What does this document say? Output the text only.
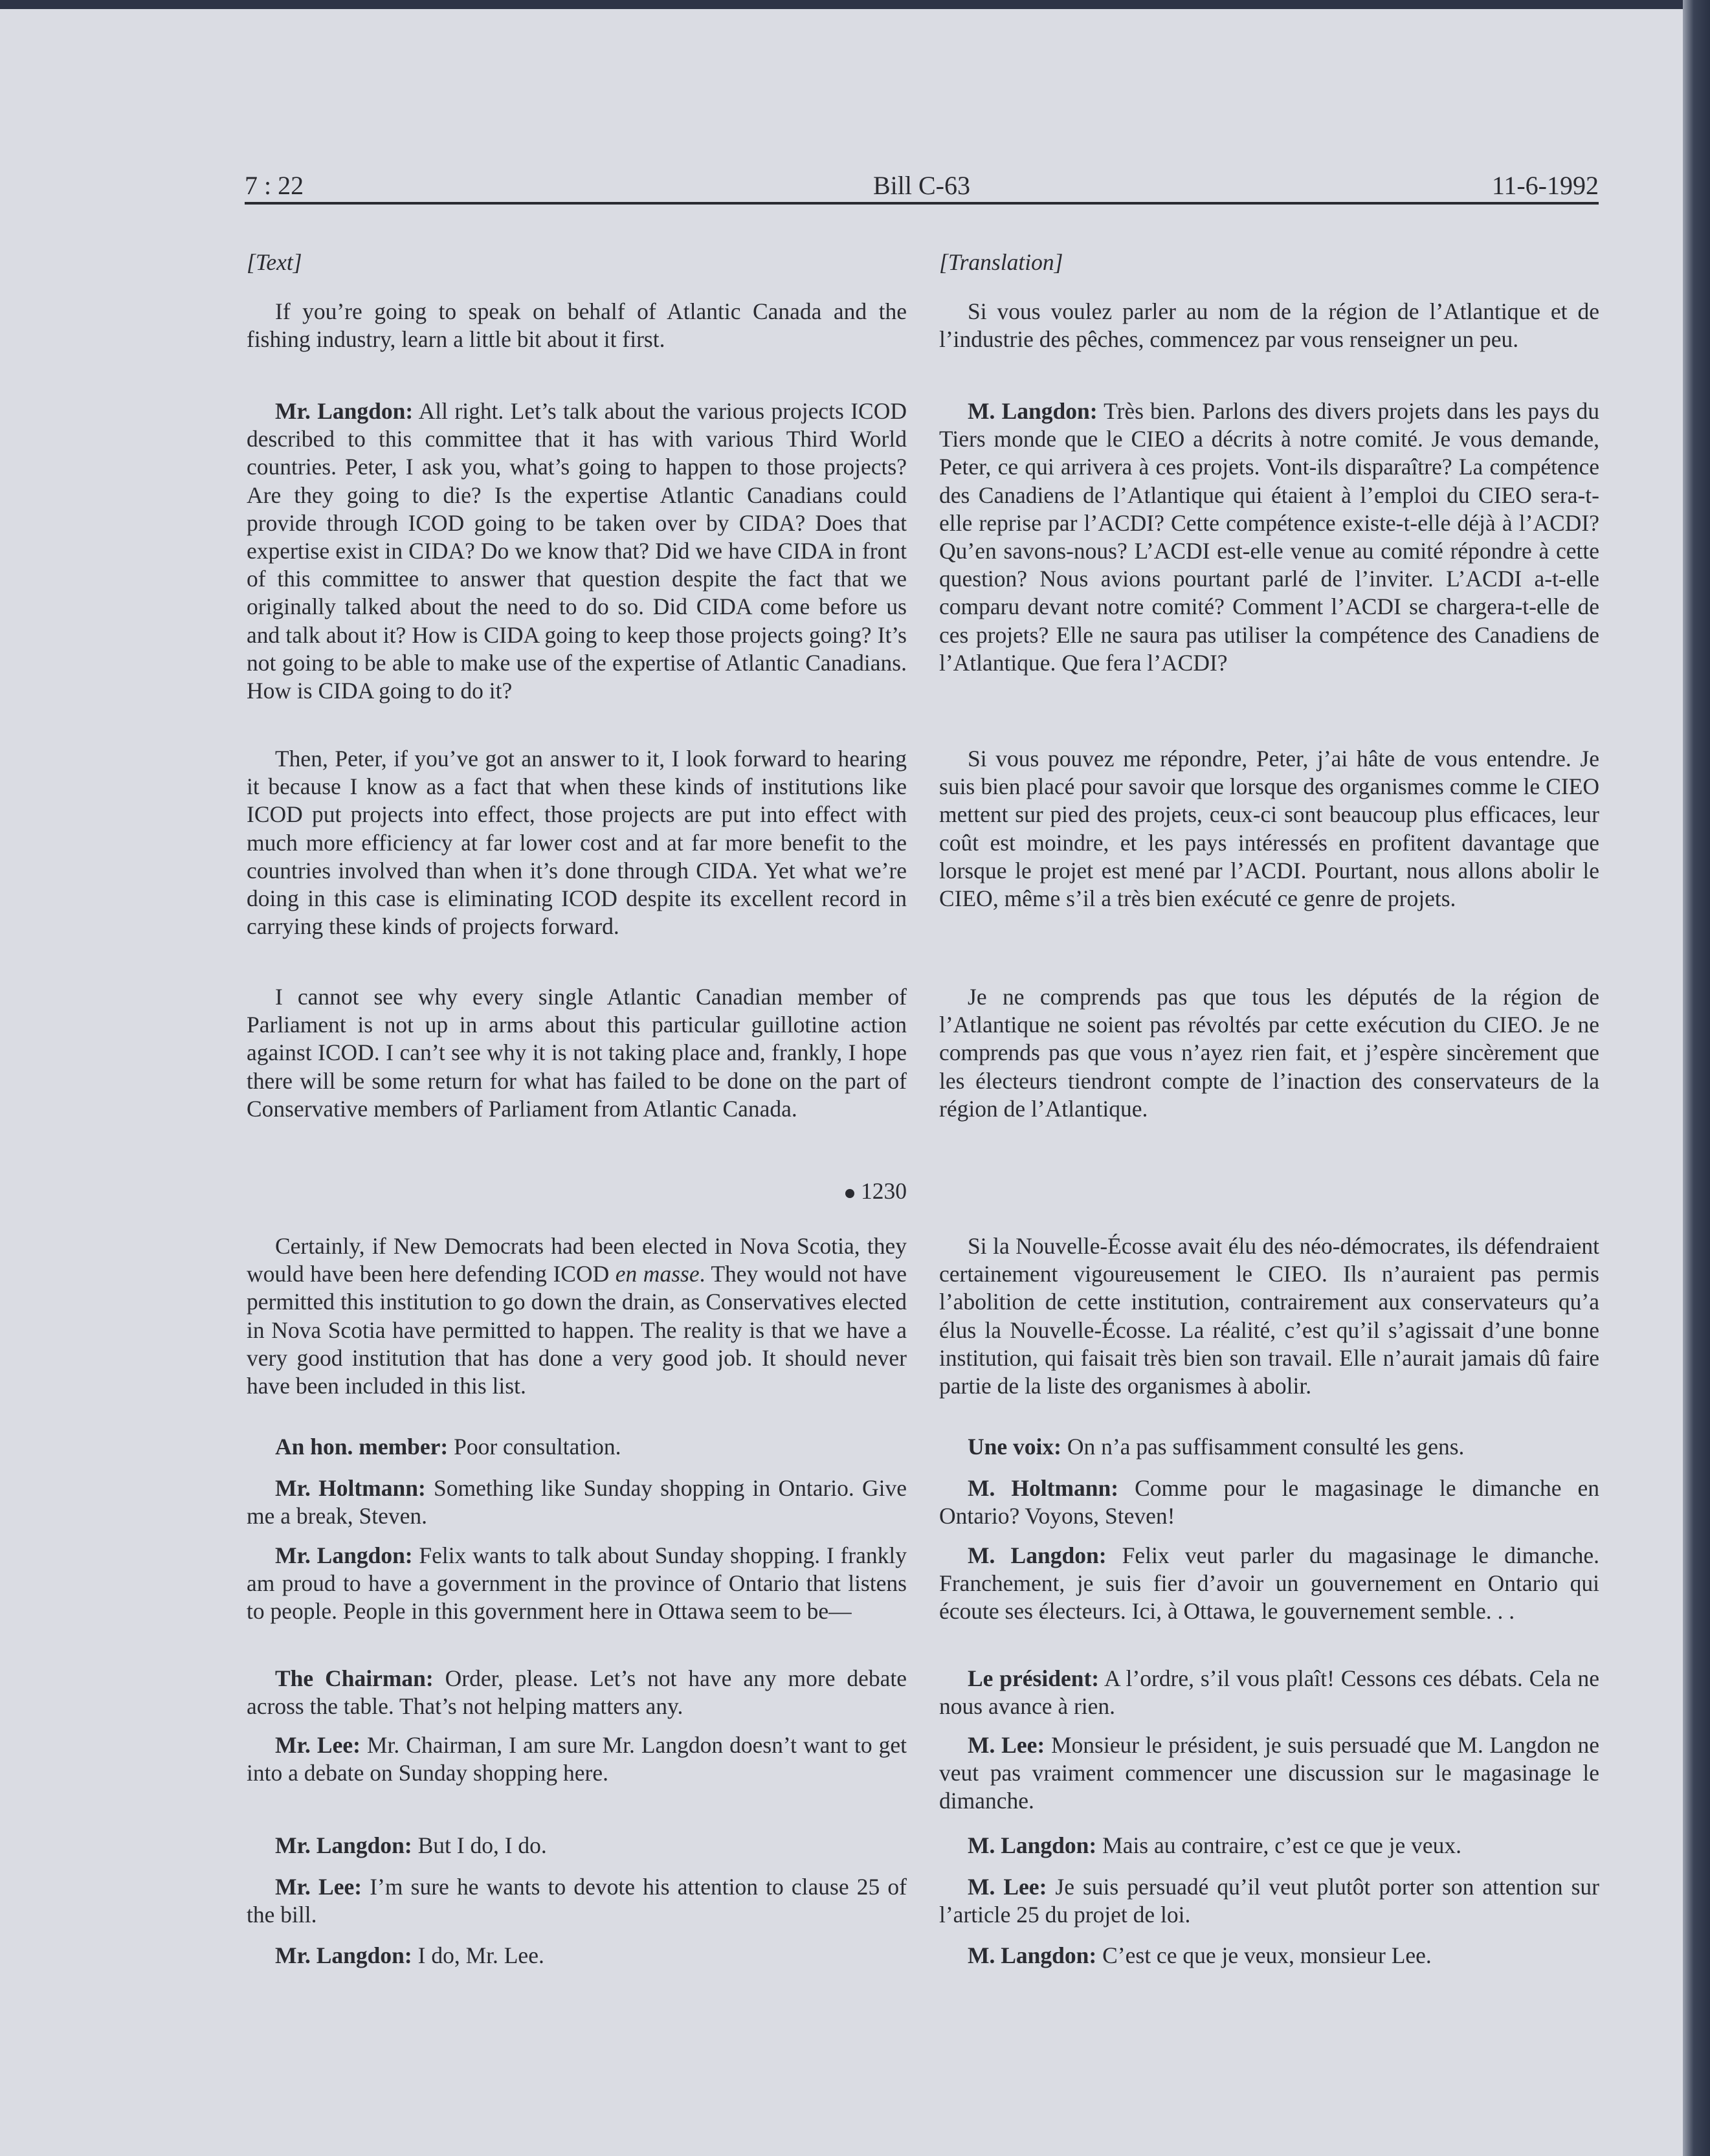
7 : 22	Bill C-63	11-6-1992
[Text]

If you’re going to speak on behalf of Atlantic Canada and the fishing industry, learn a little bit about it first.

Mr. Langdon: All right. Let’s talk about the various projects ICOD described to this committee that it has with various Third World countries. Peter, I ask you, what’s going to happen to those projects? Are they going to die? Is the expertise Atlantic Canadians could provide through ICOD going to be taken over by CIDA? Does that expertise exist in CIDA? Do we know that? Did we have CIDA in front of this committee to answer that question despite the fact that we originally talked about the need to do so. Did CIDA come before us and talk about it? How is CIDA going to keep those projects going? It’s not going to be able to make use of the expertise of Atlantic Canadians. How is CIDA going to do it?

Then, Peter, if you’ve got an answer to it, I look forward to hearing it because I know as a fact that when these kinds of institutions like ICOD put projects into effect, those projects are put into effect with much more efficiency at far lower cost and at far more benefit to the countries involved than when it’s done through CIDA. Yet what we’re doing in this case is eliminating ICOD despite its excellent record in carrying these kinds of projects forward.

I cannot see why every single Atlantic Canadian member of Parliament is not up in arms about this particular guillotine action against ICOD. I can’t see why it is not taking place and, frankly, I hope there will be some return for what has failed to be done on the part of Conservative members of Parliament from Atlantic Canada.

1230

Certainly, if New Democrats had been elected in Nova Scotia, they would have been here defending ICOD en masse. They would not have permitted this institution to go down the drain, as Conservatives elected in Nova Scotia have permitted to happen. The reality is that we have a very good institution that has done a very good job. It should never have been included in this list.

An hon. member: Poor consultation.

Mr. Holtmann: Something like Sunday shopping in Ontario. Give me a break, Steven.

Mr. Langdon: Felix wants to talk about Sunday shopping. I frankly am proud to have a government in the province of Ontario that listens to people. People in this government here in Ottawa seem to be—

The Chairman: Order, please. Let’s not have any more debate across the table. That’s not helping matters any.

Mr. Lee: Mr. Chairman, I am sure Mr. Langdon doesn’t want to get into a debate on Sunday shopping here.

Mr. Langdon: But I do, I do.

Mr. Lee: I’m sure he wants to devote his attention to clause 25 of the bill.

Mr. Langdon: I do, Mr. Lee.

[Translation]

Si vous voulez parler au nom de la région de l’Atlantique et de l’industrie des pêches, commencez par vous renseigner un peu.

M. Langdon: Très bien. Parlons des divers projets dans les pays du Tiers monde que le CIEO a décrits à notre comité. Je vous demande, Peter, ce qui arrivera à ces projets. Vont-ils disparaître? La compétence des Canadiens de l’Atlantique qui étaient à l’emploi du CIEO sera-t-elle reprise par l’ACDI? Cette compétence existe-t-elle déjà à l’ACDI? Qu’en savons-nous? L’ACDI est-elle venue au comité répondre à cette question? Nous avions pourtant parlé de l’inviter. L’ACDI a-t-elle comparu devant notre comité? Comment l’ACDI se chargera-t-elle de ces projets? Elle ne saura pas utiliser la compétence des Canadiens de l’Atlantique. Que fera l’ACDI?

Si vous pouvez me répondre, Peter, j’ai hâte de vous entendre. Je suis bien placé pour savoir que lorsque des organismes comme le CIEO mettent sur pied des projets, ceux-ci sont beaucoup plus efficaces, leur coût est moindre, et les pays intéressés en profitent davantage que lorsque le projet est mené par l’ACDI. Pourtant, nous allons abolir le CIEO, même s’il a très bien exécuté ce genre de projets.

Je ne comprends pas que tous les députés de la région de l’Atlantique ne soient pas révoltés par cette exécution du CIEO. Je ne comprends pas que vous n’ayez rien fait, et j’espère sincèrement que les électeurs tiendront compte de l’inaction des conservateurs de la région de l’Atlantique.

Si la Nouvelle-Écosse avait élu des néo-démocrates, ils défendraient certainement vigoureusement le CIEO. Ils n’auraient pas permis l’abolition de cette institution, contrairement aux conservateurs qu’a élus la Nouvelle-Écosse. La réalité, c’est qu’il s’agissait d’une bonne institution, qui faisait très bien son travail. Elle n’aurait jamais dû faire partie de la liste des organismes à abolir.

Une voix: On n’a pas suffisamment consulté les gens.

M. Holtmann: Comme pour le magasinage le dimanche en Ontario? Voyons, Steven!

M. Langdon: Felix veut parler du magasinage le dimanche. Franchement, je suis fier d’avoir un gouvernement en Ontario qui écoute ses électeurs. Ici, à Ottawa, le gouvernement semble. . .

Le président: A l’ordre, s’il vous plaît! Cessons ces débats. Cela ne nous avance à rien.

M. Lee: Monsieur le président, je suis persuadé que M. Langdon ne veut pas vraiment commencer une discussion sur le magasinage le dimanche.

M. Langdon: Mais au contraire, c’est ce que je veux.

M. Lee: Je suis persuadé qu’il veut plutôt porter son attention sur l’article 25 du projet de loi.

M. Langdon: C’est ce que je veux, monsieur Lee.
